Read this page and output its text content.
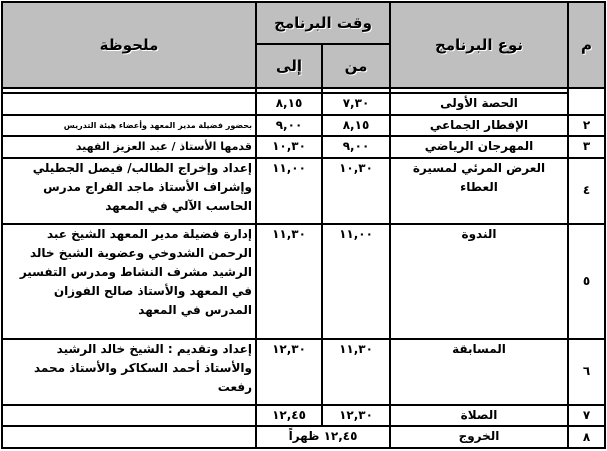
م	نوع البرنامج	وقت البرنامج		ملحوظة
		من	إلى	

	الحصة الأولى	٧,٣٠	٨,١٥	
٢	الإفطار الجماعي	٨,١٥	٩,٠٠	بحضور فضيلة مدير المعهد وأعضاء هيئة التدريس
٣	المهرجان الرياضي	٩,٠٠	١٠,٣٠	قدمها الأستاذ / عبد العزيز الفهيد
٤	العرض المرئي لمسيرة العطاء	١٠,٣٠	١١,٠٠	إعداد وإخراج الطالب/ فيصل الجطيلي وإشراف الأستاذ ماجد الفراج مدرس الحاسب الآلي في المعهد
٥	الندوة	١١,٠٠	١١,٣٠	إدارة فضيلة مدير المعهد الشيخ عبد الرحمن الشدوخي وعضوية الشيخ خالد الرشيد مشرف النشاط ومدرس التفسير في المعهد والأستاذ صالح الفوزان المدرس في المعهد
٦	المسابقة	١١,٣٠	١٢,٣٠	إعداد وتقديم : الشيخ خالد الرشيد والأستاذ أحمد السكاكر والأستاذ محمد رفعت
٧	الصلاة	١٢,٣٠	١٢,٤٥	
٨	الخروج	١٢,٤٥ ظهراً		
